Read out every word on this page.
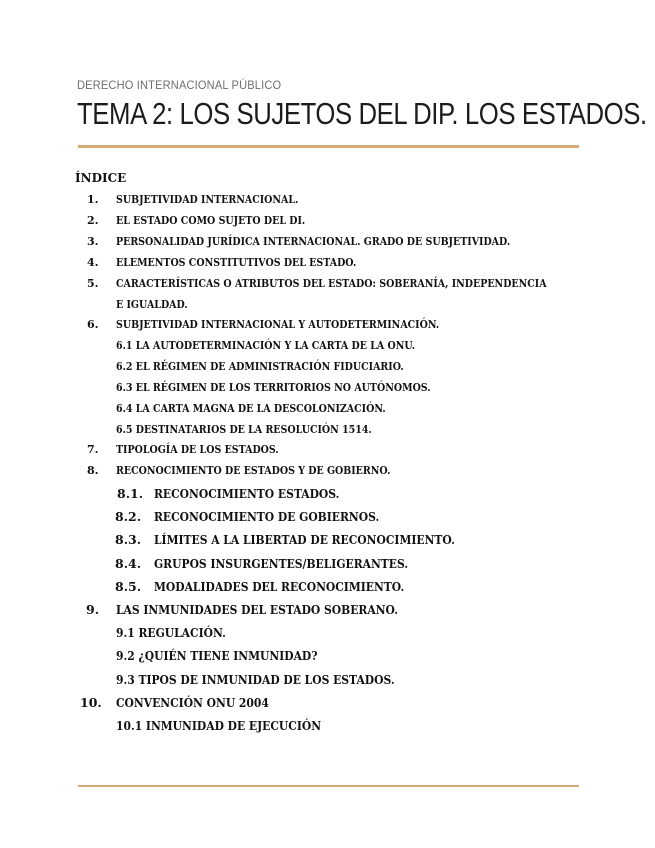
DERECHO INTERNACIONAL PÚBLICO
TEMA 2: LOS SUJETOS DEL DIP. LOS ESTADOS.
ÍNDICE
1. SUBJETIVIDAD INTERNACIONAL.
2. EL ESTADO COMO SUJETO DEL DI.
3. PERSONALIDAD JURÍDICA INTERNACIONAL. GRADO DE SUBJETIVIDAD.
4. ELEMENTOS CONSTITUTIVOS DEL ESTADO.
5. CARACTERÍSTICAS O ATRIBUTOS DEL ESTADO: SOBERANÍA, INDEPENDENCIA
E IGUALDAD.
6. SUBJETIVIDAD INTERNACIONAL Y AUTODETERMINACIÓN.
6.1 LA AUTODETERMINACIÓN Y LA CARTA DE LA ONU.
6.2 EL RÉGIMEN DE ADMINISTRACIÓN FIDUCIARIO.
6.3 EL RÉGIMEN DE LOS TERRITORIOS NO AUTÓNOMOS.
6.4 LA CARTA MAGNA DE LA DESCOLONIZACIÓN.
6.5 DESTINATARIOS DE LA RESOLUCIÓN 1514.
7. TIPOLOGÍA DE LOS ESTADOS.
8. RECONOCIMIENTO DE ESTADOS Y DE GOBIERNO.
8.1. RECONOCIMIENTO ESTADOS.
8.2. RECONOCIMIENTO DE GOBIERNOS.
8.3. LÍMITES A LA LIBERTAD DE RECONOCIMIENTO.
8.4. GRUPOS INSURGENTES/BELIGERANTES.
8.5. MODALIDADES DEL RECONOCIMIENTO.
9. LAS INMUNIDADES DEL ESTADO SOBERANO.
9.1 REGULACIÓN.
9.2 ¿QUIÉN TIENE INMUNIDAD?
9.3 TIPOS DE INMUNIDAD DE LOS ESTADOS.
10. CONVENCIÓN ONU 2004
10.1 INMUNIDAD DE EJECUCIÓN
